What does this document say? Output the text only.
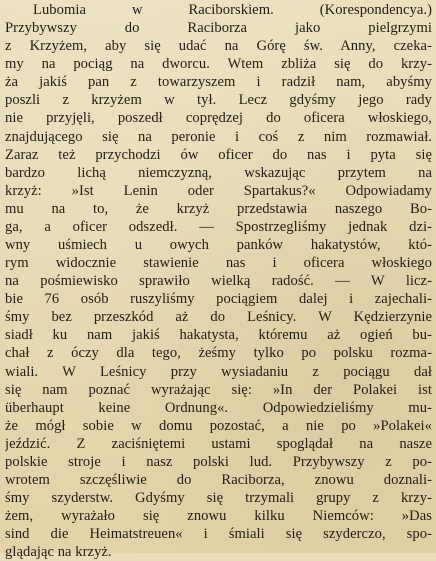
Lubomia w Raciborskiem. (Korespondencya.)
Przybywszy do Raciborza jako pielgrzymi
z Krzyżem, aby się udać na Górę św. Anny, czeka-
my na pociąg na dworcu. Wtem zbliża się do krzy-
ża jakiś pan z towarzyszem i radził nam, abyśmy
poszli z krzyżem w tył. Lecz gdyśmy jego rady
nie przyjęli, poszedł coprędzej do oficera włoskiego,
znajdującego się na peronie i coś z nim rozmawiał.
Zaraz też przychodzi ów oficer do nas i pyta się
bardzo lichą niemczyzną, wskazując przytem na
krzyż: »Ist Lenin oder Spartakus?« Odpowiadamy
mu na to, że krzyż przedstawia naszego Bo-
ga, a oficer odszedł. — Spostrzegliśmy jednak dzi-
wny uśmiech u owych panków hakatystów, któ-
rym widocznie stawienie nas i oficera włoskiego
na pośmiewisko sprawiło wielką radość. — W licz-
bie 76 osób ruszyliśmy pociągiem dalej i zajechali-
śmy bez przeszkód aż do Leśnicy. W Kędzierzynie
siadł ku nam jakiś hakatysta, któremu aż ogień bu-
chał z óczy dla tego, żeśmy tylko po polsku rozma-
wiali. W Leśnicy przy wysiadaniu z pociągu dał
się nam poznać wyrażając się: »In der Polakei ist
überhaupt keine Ordnung«. Odpowiedzieliśmy mu-
że mógł sobie w domu pozostać, a nie po »Polakei«
jeździć. Z zaciśniętemi ustami spoglądał na nasze
polskie stroje i nasz polski lud. Przybywszy z po-
wrotem szczęśliwie do Raciborza, znowu doznali-
śmy szyderstw. Gdyśmy się trzymali grupy z krzy-
żem, wyrażało się znowu kilku Niemców: »Das
sind die Heimatstreuen« i śmiali się szyderczo, spo-
glądając na krzyż.
